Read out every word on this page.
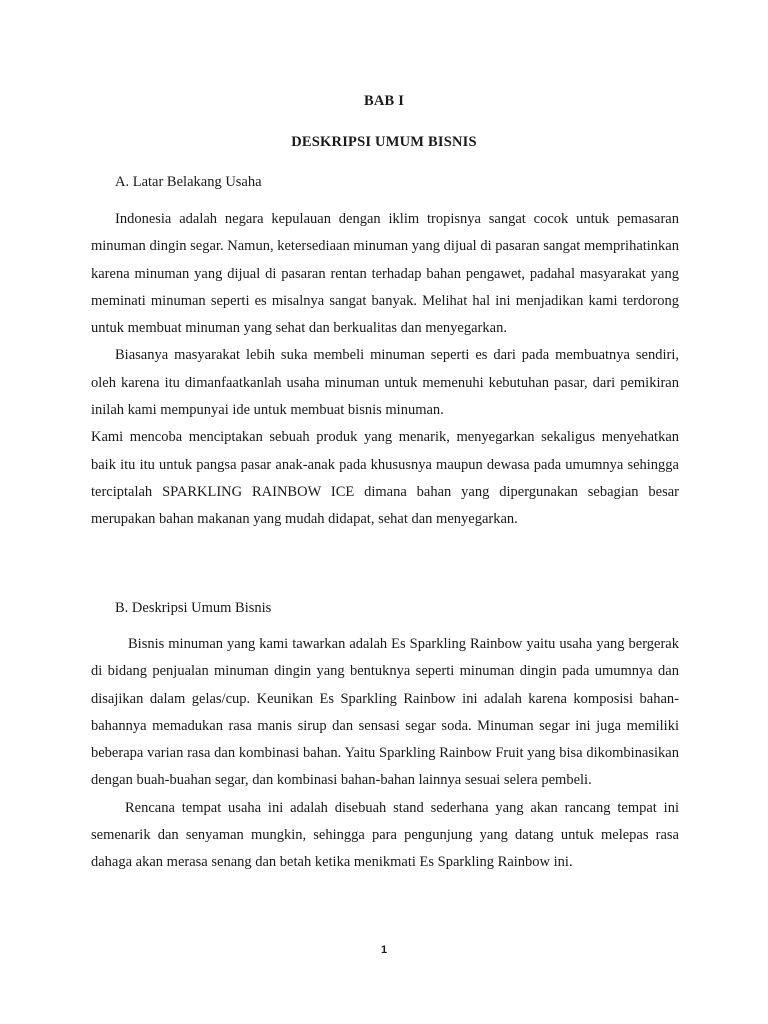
BAB I
DESKRIPSI UMUM BISNIS
A. Latar Belakang Usaha

Indonesia adalah negara kepulauan dengan iklim tropisnya sangat cocok untuk pemasaran minuman dingin segar. Namun, ketersediaan minuman yang dijual di pasaran sangat memprihatinkan karena minuman yang dijual di pasaran rentan terhadap bahan pengawet, padahal masyarakat yang meminati minuman seperti es misalnya sangat banyak. Melihat hal ini menjadikan kami terdorong untuk membuat minuman yang sehat dan berkualitas dan menyegarkan.

Biasanya masyarakat lebih suka membeli minuman seperti es dari pada membuatnya sendiri, oleh karena itu dimanfaatkanlah usaha minuman untuk memenuhi kebutuhan pasar, dari pemikiran inilah kami mempunyai ide untuk membuat bisnis minuman.

Kami mencoba menciptakan sebuah produk yang menarik, menyegarkan sekaligus menyehatkan baik itu itu untuk pangsa pasar anak-anak pada khususnya maupun dewasa pada umumnya sehingga terciptalah SPARKLING RAINBOW ICE dimana bahan yang dipergunakan sebagian besar merupakan bahan makanan yang mudah didapat, sehat dan menyegarkan.

B. Deskripsi Umum Bisnis

Bisnis minuman yang kami tawarkan adalah Es Sparkling Rainbow yaitu usaha yang bergerak di bidang penjualan minuman dingin yang bentuknya seperti minuman dingin pada umumnya dan disajikan dalam gelas/cup. Keunikan Es Sparkling Rainbow ini adalah karena komposisi bahan-bahannya memadukan rasa manis sirup dan sensasi segar soda. Minuman segar ini juga memiliki beberapa varian rasa dan kombinasi bahan. Yaitu Sparkling Rainbow Fruit yang bisa dikombinasikan dengan buah-buahan segar, dan kombinasi bahan-bahan lainnya sesuai selera pembeli.

Rencana tempat usaha ini adalah disebuah stand sederhana yang akan rancang tempat ini semenarik dan senyaman mungkin, sehingga para pengunjung yang datang untuk melepas rasa dahaga akan merasa senang dan betah ketika menikmati Es Sparkling Rainbow ini.

1
